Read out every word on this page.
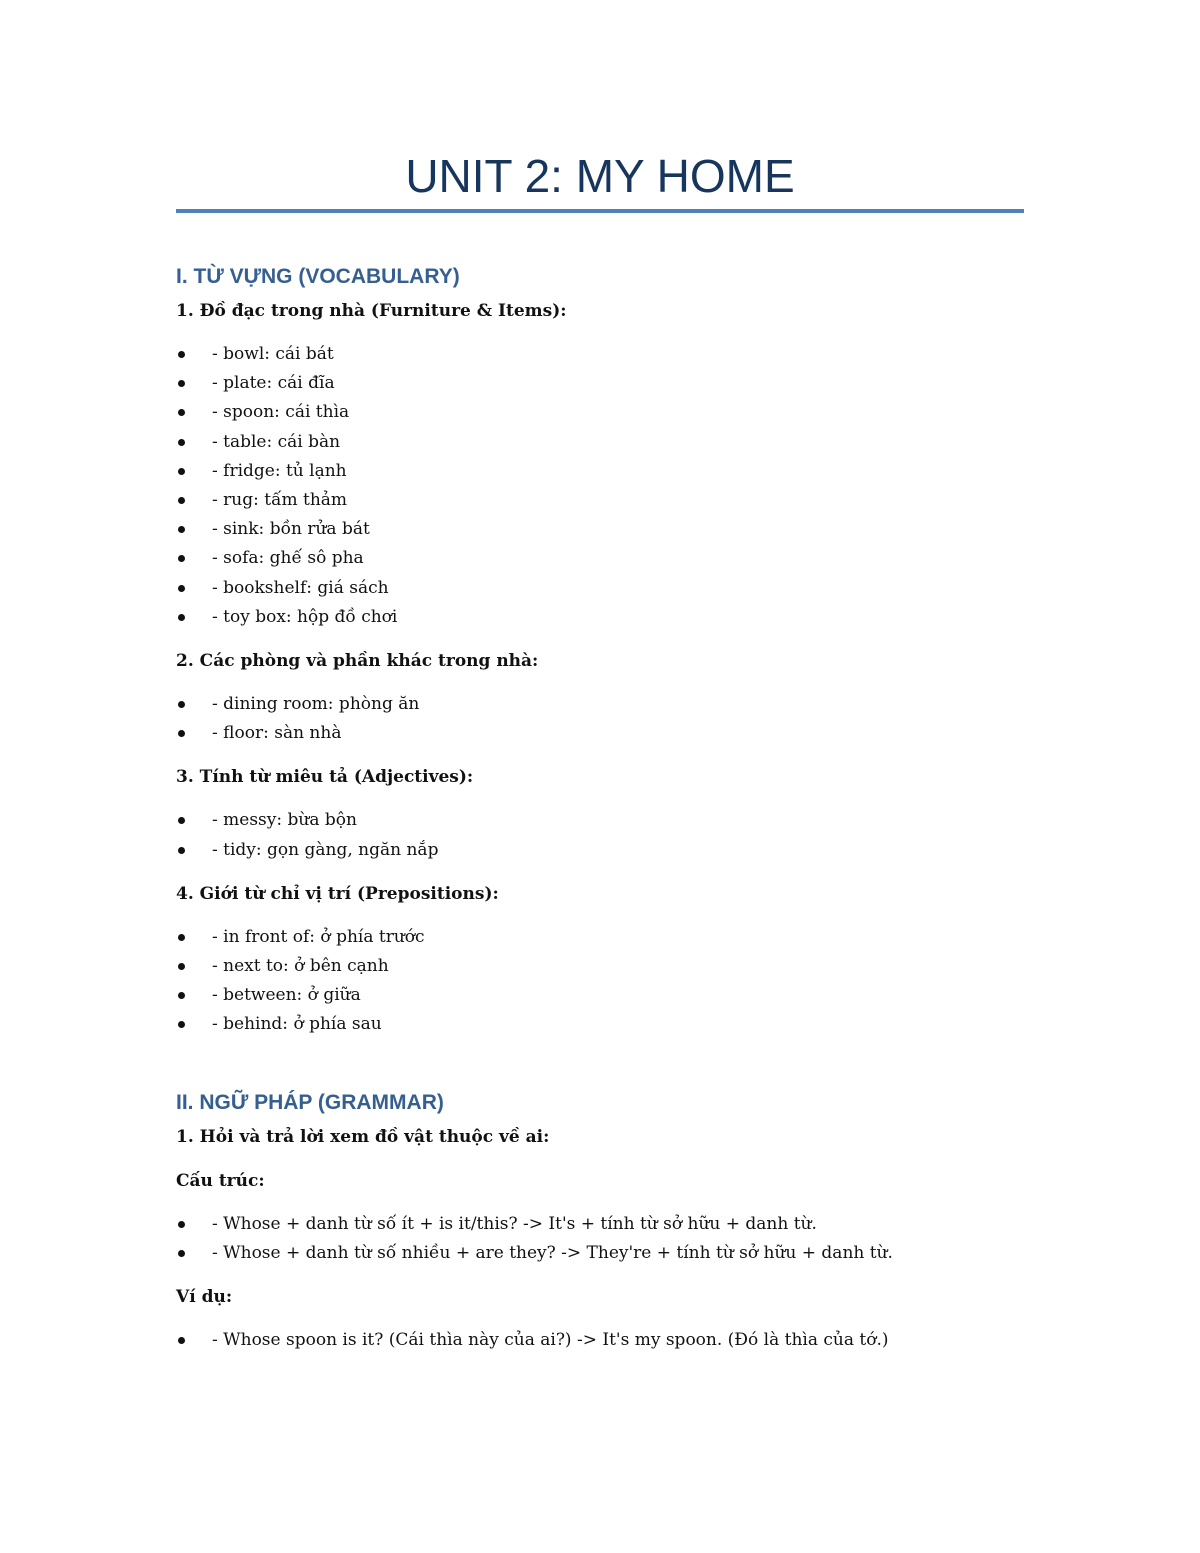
UNIT 2: MY HOME
I. TỪ VỰNG (VOCABULARY)
1. Đồ đạc trong nhà (Furniture & Items):
- bowl: cái bát
- plate: cái đĩa
- spoon: cái thìa
- table: cái bàn
- fridge: tủ lạnh
- rug: tấm thảm
- sink: bồn rửa bát
- sofa: ghế sô pha
- bookshelf: giá sách
- toy box: hộp đồ chơi
2. Các phòng và phần khác trong nhà:
- dining room: phòng ăn
- floor: sàn nhà
3. Tính từ miêu tả (Adjectives):
- messy: bừa bộn
- tidy: gọn gàng, ngăn nắp
4. Giới từ chỉ vị trí (Prepositions):
- in front of: ở phía trước
- next to: ở bên cạnh
- between: ở giữa
- behind: ở phía sau
II. NGỮ PHÁP (GRAMMAR)
1. Hỏi và trả lời xem đồ vật thuộc về ai:
Cấu trúc:
- Whose + danh từ số ít + is it/this? -> It's + tính từ sở hữu + danh từ.
- Whose + danh từ số nhiều + are they? -> They're + tính từ sở hữu + danh từ.
Ví dụ:
- Whose spoon is it? (Cái thìa này của ai?) -> It's my spoon. (Đó là thìa của tớ.)
